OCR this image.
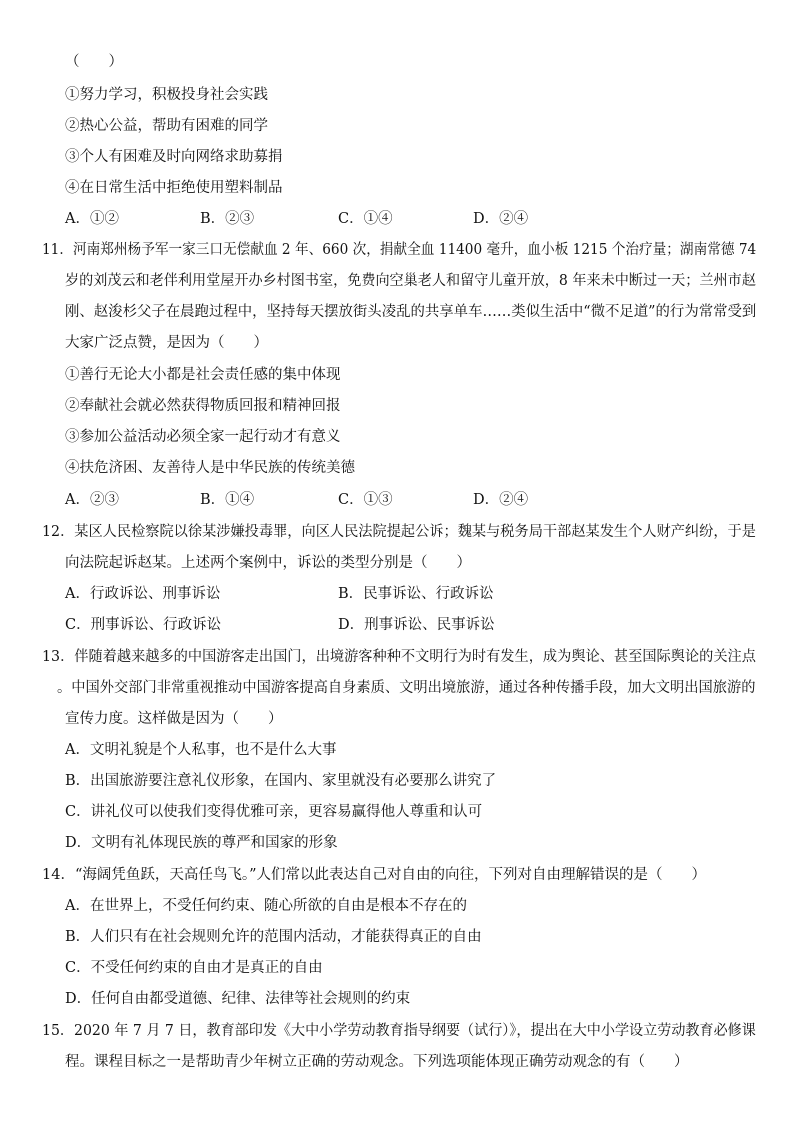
（　　）
①努力学习，积极投身社会实践
②热心公益，帮助有困难的同学
③个人有困难及时向网络求助募捐
④在日常生活中拒绝使用塑料制品
A．①②	B．②③	C．①④	D．②④
11．河南郑州杨予军一家三口无偿献血 2 年、660 次，捐献全血 11400 毫升，血小板 1215 个治疗量；湖南常德 74
岁的刘茂云和老伴利用堂屋开办乡村图书室，免费向空巢老人和留守儿童开放，8 年来未中断过一天；兰州市赵
刚、赵浚杉父子在晨跑过程中，坚持每天摆放街头凌乱的共享单车……类似生活中“微不足道”的行为常常受到
大家广泛点赞，是因为（　　）
①善行无论大小都是社会责任感的集中体现
②奉献社会就必然获得物质回报和精神回报
③参加公益活动必须全家一起行动才有意义
④扶危济困、友善待人是中华民族的传统美德
A．②③	B．①④	C．①③	D．②④
12．某区人民检察院以徐某涉嫌投毒罪，向区人民法院提起公诉；魏某与税务局干部赵某发生个人财产纠纷，于是
向法院起诉赵某。上述两个案例中，诉讼的类型分别是（　　）
A．行政诉讼、刑事诉讼	B．民事诉讼、行政诉讼
C．刑事诉讼、行政诉讼	D．刑事诉讼、民事诉讼
13．伴随着越来越多的中国游客走出国门，出境游客种种不文明行为时有发生，成为舆论、甚至国际舆论的关注点
。中国外交部门非常重视推动中国游客提高自身素质、文明出境旅游，通过各种传播手段，加大文明出国旅游的
宣传力度。这样做是因为（　　）
A．文明礼貌是个人私事，也不是什么大事
B．出国旅游要注意礼仪形象，在国内、家里就没有必要那么讲究了
C．讲礼仪可以使我们变得优雅可亲，更容易赢得他人尊重和认可
D．文明有礼体现民族的尊严和国家的形象
14．“海阔凭鱼跃，天高任鸟飞。”人们常以此表达自己对自由的向往，下列对自由理解错误的是（　　）
A．在世界上，不受任何约束、随心所欲的自由是根本不存在的
B．人们只有在社会规则允许的范围内活动，才能获得真正的自由
C．不受任何约束的自由才是真正的自由
D．任何自由都受道德、纪律、法律等社会规则的约束
15．2020 年 7 月 7 日，教育部印发《大中小学劳动教育指导纲要（试行）》，提出在大中小学设立劳动教育必修课
程。课程目标之一是帮助青少年树立正确的劳动观念。下列选项能体现正确劳动观念的有（　　）
